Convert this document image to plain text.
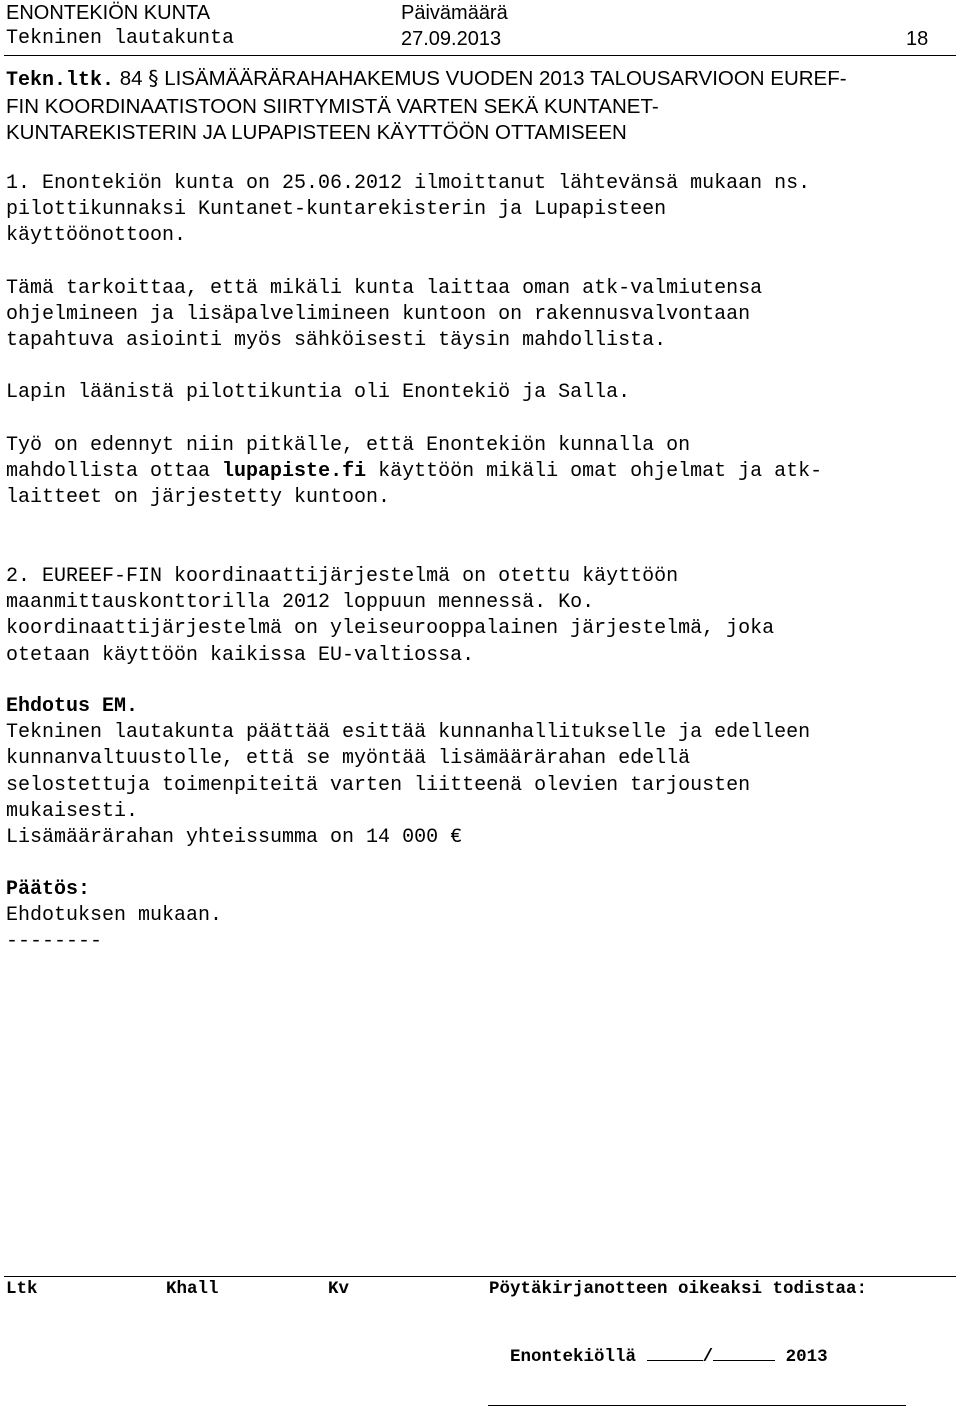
ENONTEKIÖN KUNTA	Päivämäärä
Tekninen lautakunta	27.09.2013	18
Tekn.ltk. 84 § LISÄMÄÄRÄRAHAHAKEMUS VUODEN 2013 TALOUSARVIOON EUREF-
FIN KOORDINAATISTOON SIIRTYMISTÄ VARTEN SEKÄ KUNTANET-
KUNTAREKISTERIN JA LUPAPISTEEN KÄYTTÖÖN OTTAMISEEN
1. Enontekiön kunta on 25.06.2012 ilmoittanut lähtevänsä mukaan ns.
pilottikunnaksi Kuntanet-kuntarekisterin ja Lupapisteen
käyttöönottoon.
Tämä tarkoittaa, että mikäli kunta laittaa oman atk-valmiutensa
ohjelmineen ja lisäpalvelimineen kuntoon on rakennusvalvontaan
tapahtuva asiointi myös sähköisesti täysin mahdollista.
Lapin läänistä pilottikuntia oli Enontekiö ja Salla.
Työ on edennyt niin pitkälle, että Enontekiön kunnalla on
mahdollista ottaa lupapiste.fi käyttöön mikäli omat ohjelmat ja atk-
laitteet on järjestetty kuntoon.
2. EUREEF-FIN koordinaattijärjestelmä on otettu käyttöön
maanmittauskonttorilla 2012 loppuun mennessä. Ko.
koordinaattijärjestelmä on yleiseurooppalainen järjestelmä, joka
otetaan käyttöön kaikissa EU-valtiossa.
Ehdotus EM.
Tekninen lautakunta päättää esittää kunnanhallitukselle ja edelleen
kunnanvaltuustolle, että se myöntää lisämäärärahan edellä
selostettuja toimenpiteitä varten liitteenä olevien tarjousten
mukaisesti.
Lisämäärärahan yhteissumma on 14 000 €
Päätös:
Ehdotuksen mukaan.
--------
Ltk	Khall	Kv	Pöytäkirjanotteen oikeaksi todistaa:

Enontekiöllä	/	2013
